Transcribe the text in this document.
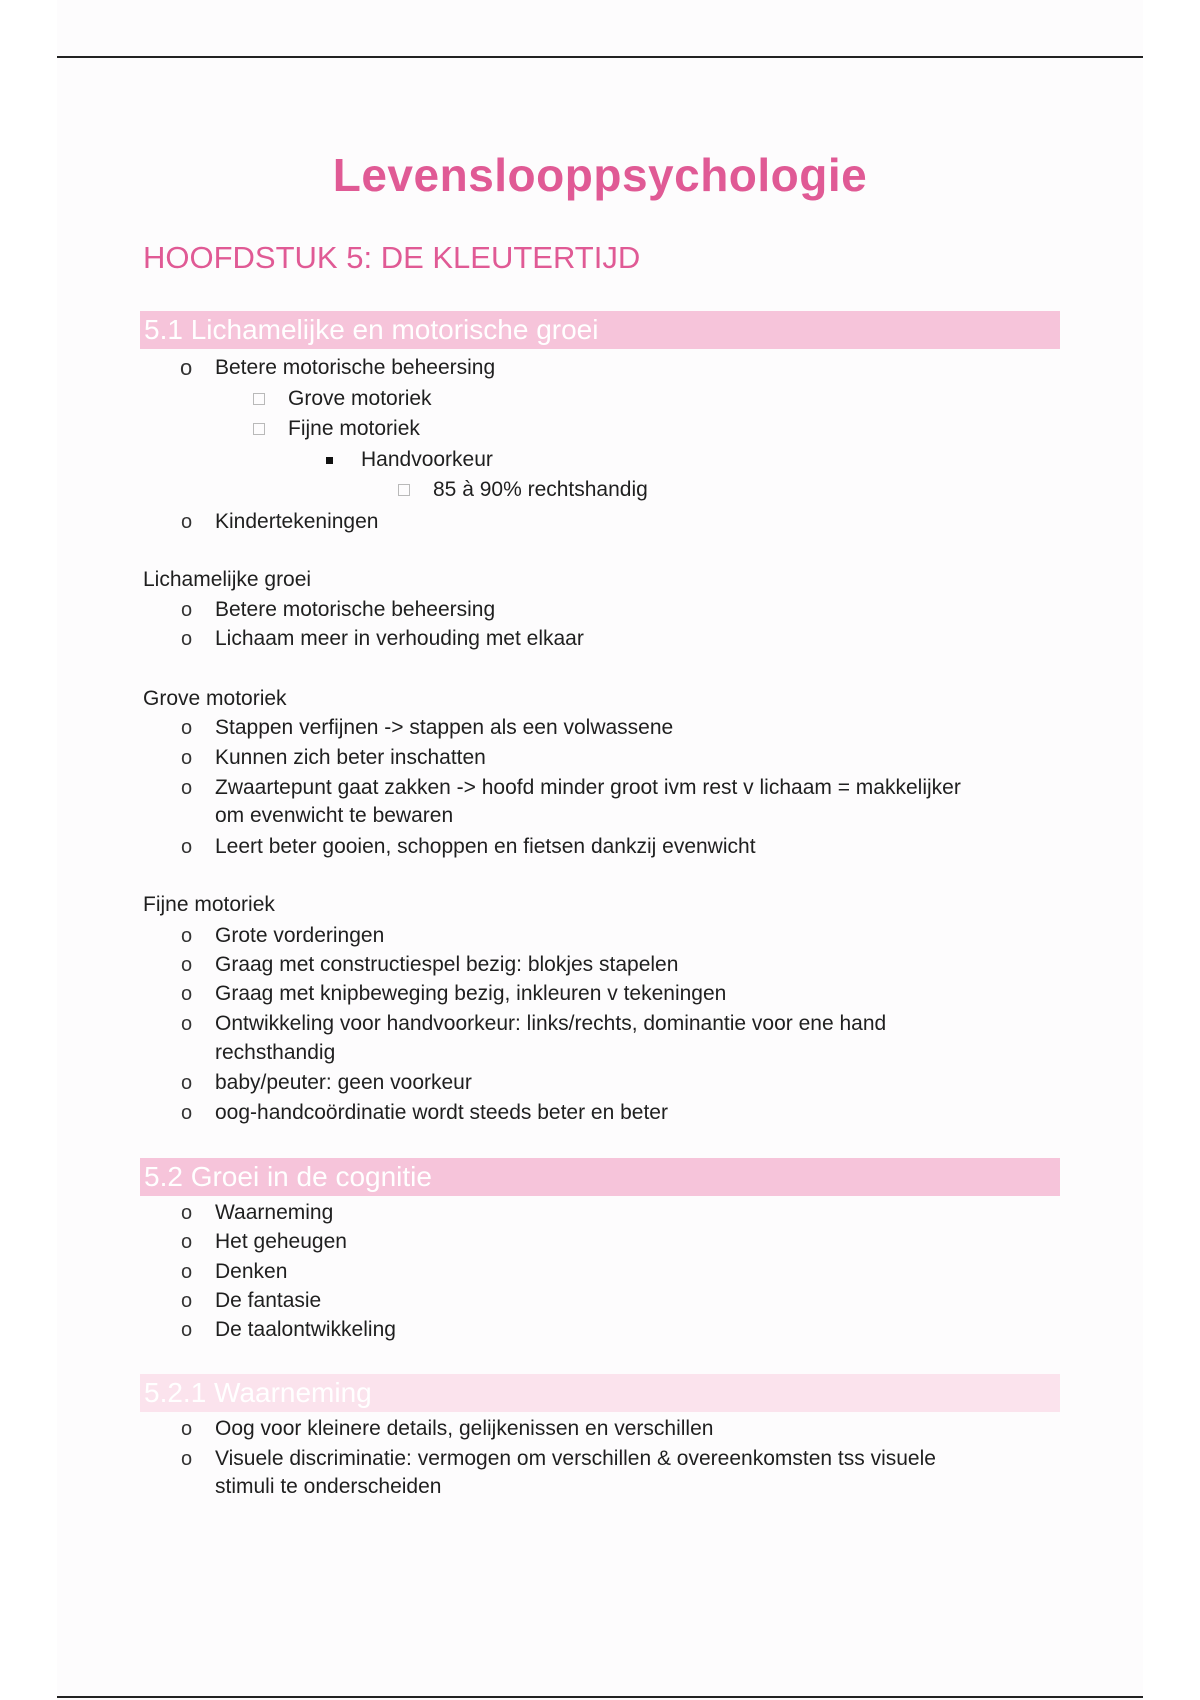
Levenslooppsychologie
HOOFDSTUK 5: DE KLEUTERTIJD
5.1 Lichamelijke en motorische groei
o Betere motorische beheersing
Grove motoriek
Fijne motoriek
Handvoorkeur
85 à 90% rechtshandig
o Kindertekeningen
Lichamelijke groei
o Betere motorische beheersing
o Lichaam meer in verhouding met elkaar
Grove motoriek
o Stappen verfijnen -> stappen als een volwassene
o Kunnen zich beter inschatten
o Zwaartepunt gaat zakken -> hoofd minder groot ivm rest v lichaam = makkelijker
om evenwicht te bewaren
o Leert beter gooien, schoppen en fietsen dankzij evenwicht
Fijne motoriek
o Grote vorderingen
o Graag met constructiespel bezig: blokjes stapelen
o Graag met knipbeweging bezig, inkleuren v tekeningen
o Ontwikkeling voor handvoorkeur: links/rechts, dominantie voor ene hand
rechsthandig
o baby/peuter: geen voorkeur
o oog-handcoördinatie wordt steeds beter en beter
5.2 Groei in de cognitie
o Waarneming
o Het geheugen
o Denken
o De fantasie
o De taalontwikkeling
5.2.1 Waarneming
o Oog voor kleinere details, gelijkenissen en verschillen
o Visuele discriminatie: vermogen om verschillen & overeenkomsten tss visuele
stimuli te onderscheiden
